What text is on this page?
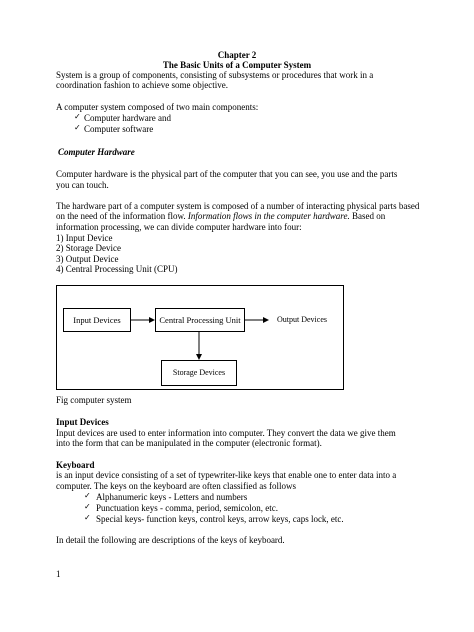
Chapter 2
The Basic Units of a Computer System
System is a group of components, consisting of subsystems or procedures that work in a
coordination fashion to achieve some objective.
A computer system composed of two main components:
✓ Computer hardware and
✓ Computer software
Computer Hardware
Computer hardware is the physical part of the computer that you can see, you use and the parts
you can touch.
The hardware part of a computer system is composed of a number of interacting physical parts based
on the need of the information flow. Information flows in the computer hardware. Based on
information processing, we can divide computer hardware into four:
1) Input Device
2) Storage Device
3) Output Device
4) Central Processing Unit (CPU)
Input Devices	Central Processing Unit	Output Devices
Storage Devices
Fig computer system
Input Devices
Input devices are used to enter information into computer. They convert the data we give them
into the form that can be manipulated in the computer (electronic format).
Keyboard
is an input device consisting of a set of typewriter-like keys that enable one to enter data into a
computer. The keys on the keyboard are often classified as follows
✓ Alphanumeric keys - Letters and numbers
✓ Punctuation keys - comma, period, semicolon, etc.
✓ Special keys- function keys, control keys, arrow keys, caps lock, etc.
In detail the following are descriptions of the keys of keyboard.
1
